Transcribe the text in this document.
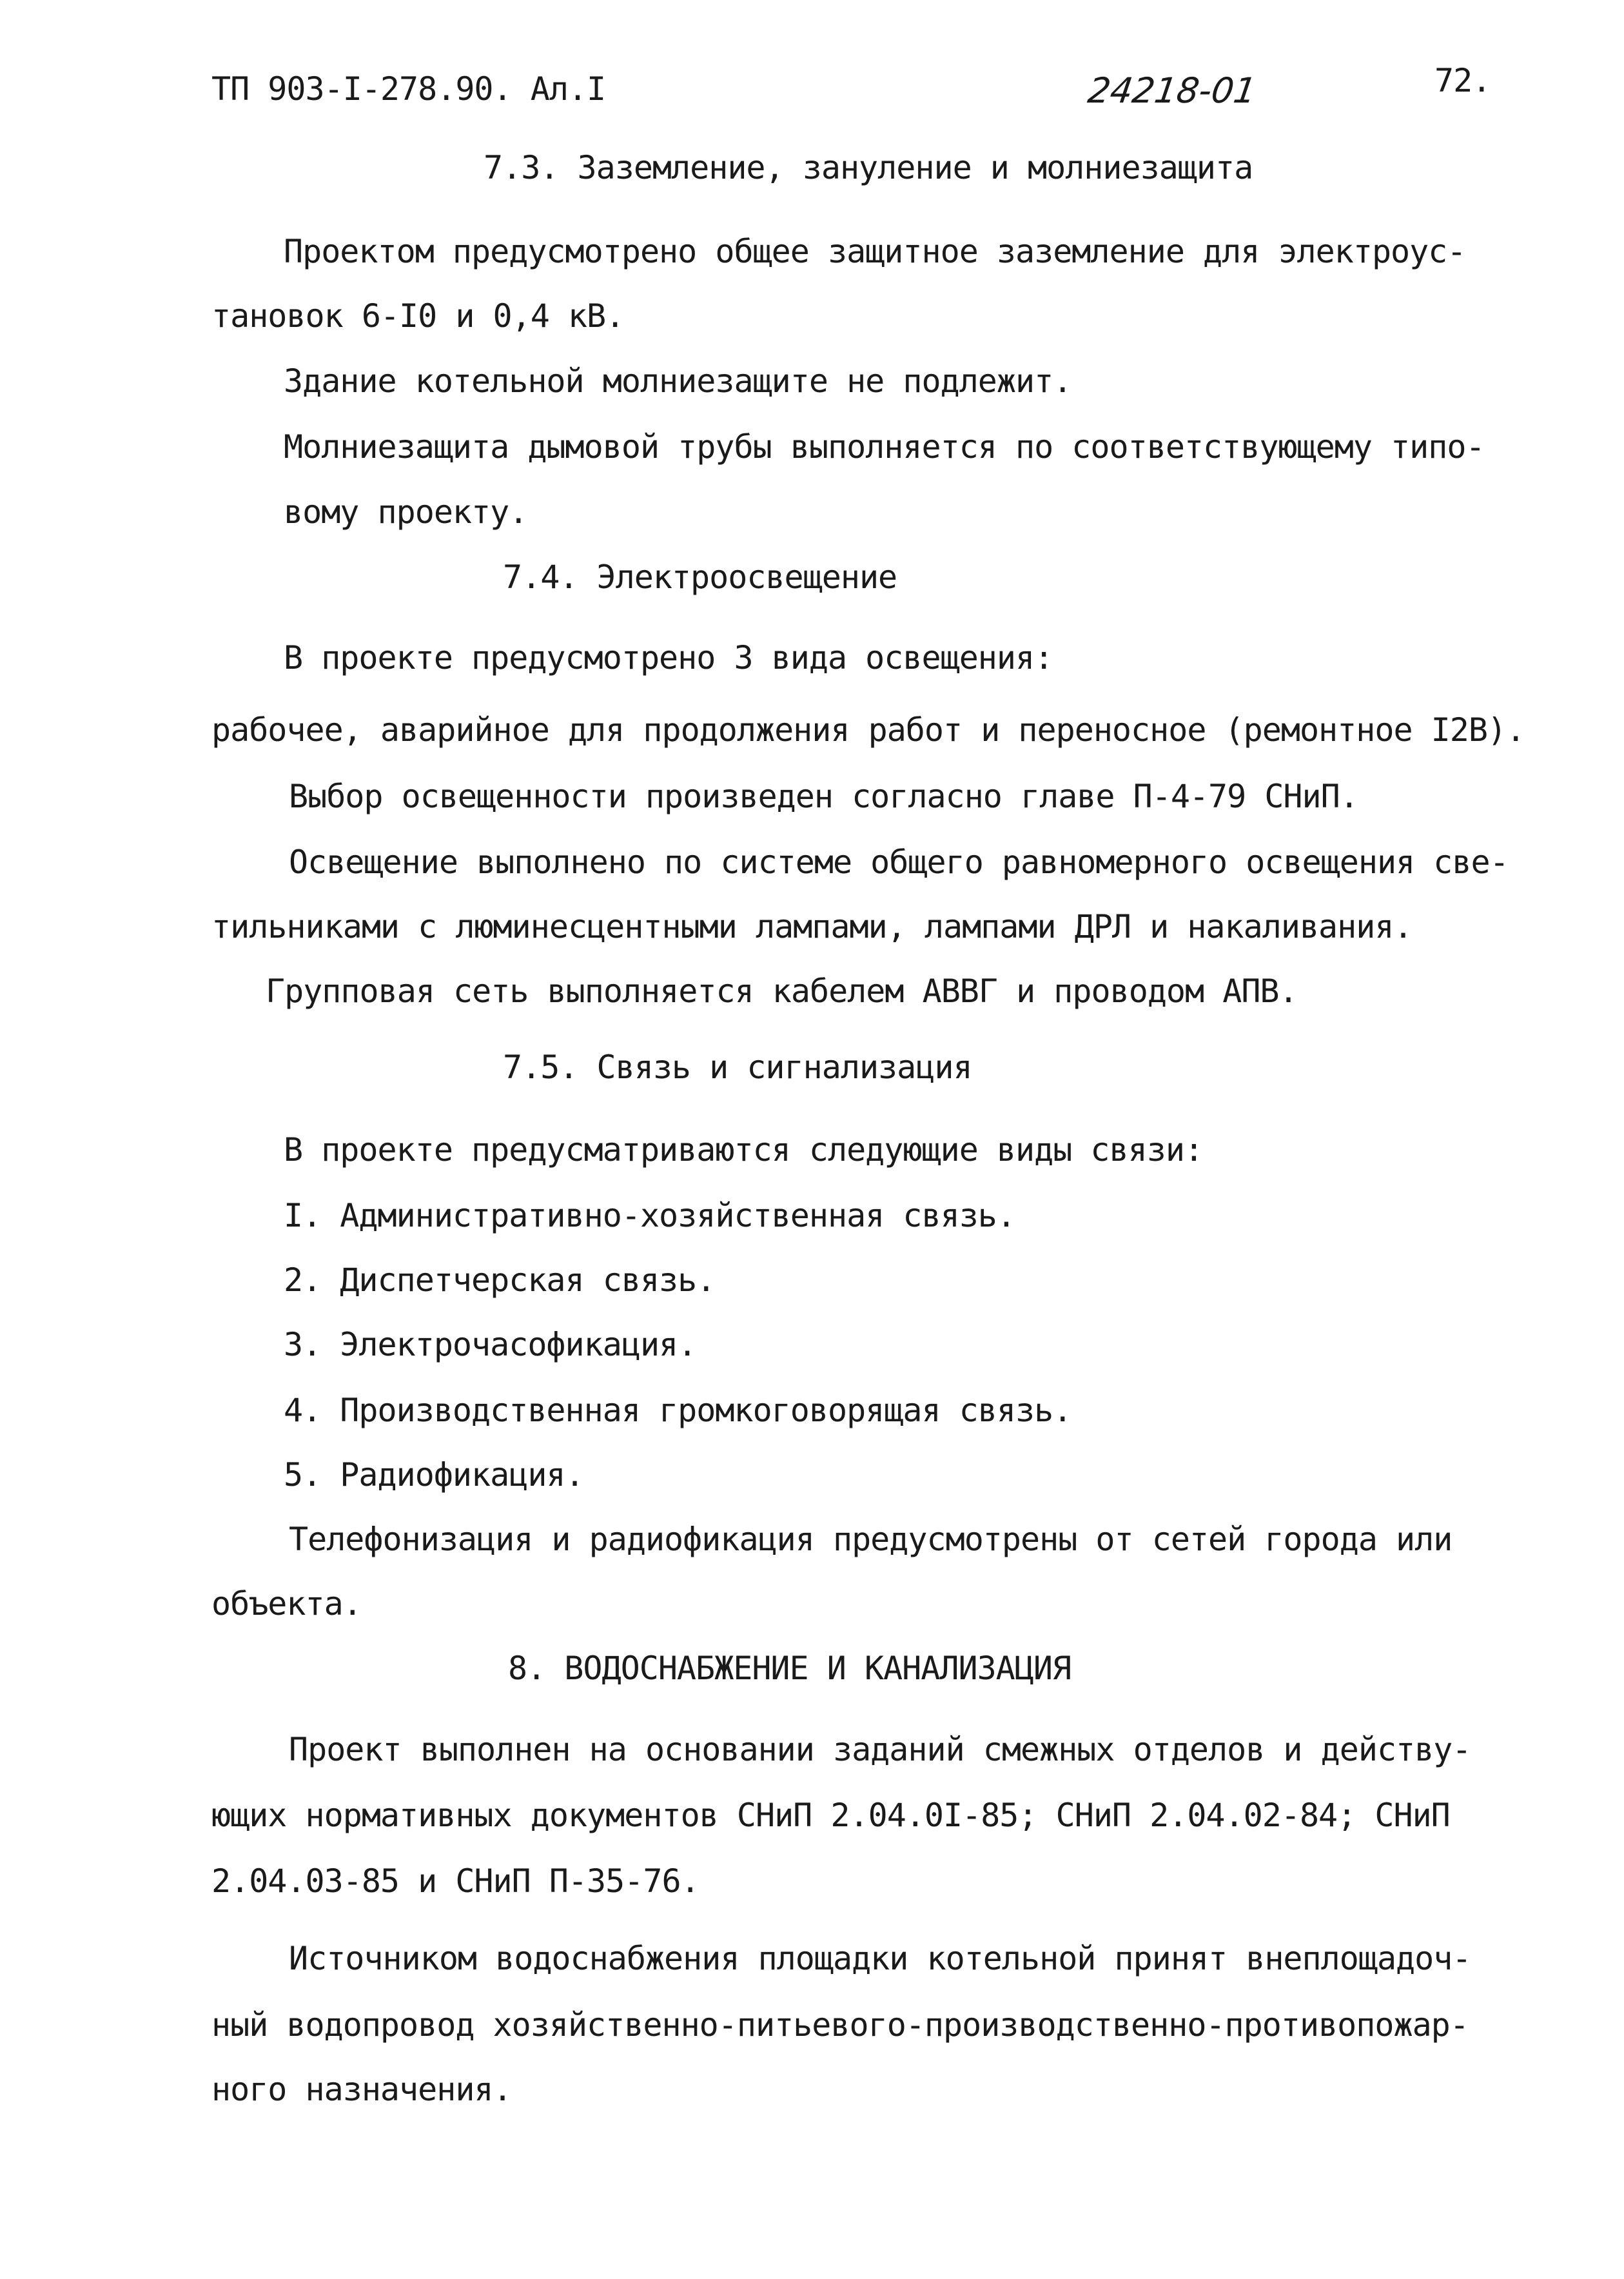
ТП 903-I-278.90. Ал.I	24218-01	72.
7.3. Заземление, зануление и молниезащита
Проектом предусмотрено общее защитное заземление для электроус-
тановок 6-I0 и 0,4 кВ.
Здание котельной молниезащите не подлежит.
Молниезащита дымовой трубы выполняется по соответствующему типо-
вому проекту.
7.4. Электроосвещение
В проекте предусмотрено 3 вида освещения:
рабочее, аварийное для продолжения работ и переносное (ремонтное I2В).
Выбор освещенности произведен согласно главе П-4-79 СНиП.
Освещение выполнено по системе общего равномерного освещения све-
тильниками с люминесцентными лампами, лампами ДРЛ и накаливания.
Групповая сеть выполняется кабелем АВВГ и проводом АПВ.
7.5. Связь и сигнализация
В проекте предусматриваются следующие виды связи:
I. Административно-хозяйственная связь.
2. Диспетчерская связь.
3. Электрочасофикация.
4. Производственная громкоговорящая связь.
5. Радиофикация.
Телефонизация и радиофикация предусмотрены от сетей города или
объекта.
8. ВОДОСНАБЖЕНИЕ И КАНАЛИЗАЦИЯ
Проект выполнен на основании заданий смежных отделов и действу-
ющих нормативных документов СНиП 2.04.0I-85; СНиП 2.04.02-84; СНиП
2.04.03-85 и СНиП П-35-76.
Источником водоснабжения площадки котельной принят внеплощадоч-
ный водопровод хозяйственно-питьевого-производственно-противопожар-
ного назначения.
